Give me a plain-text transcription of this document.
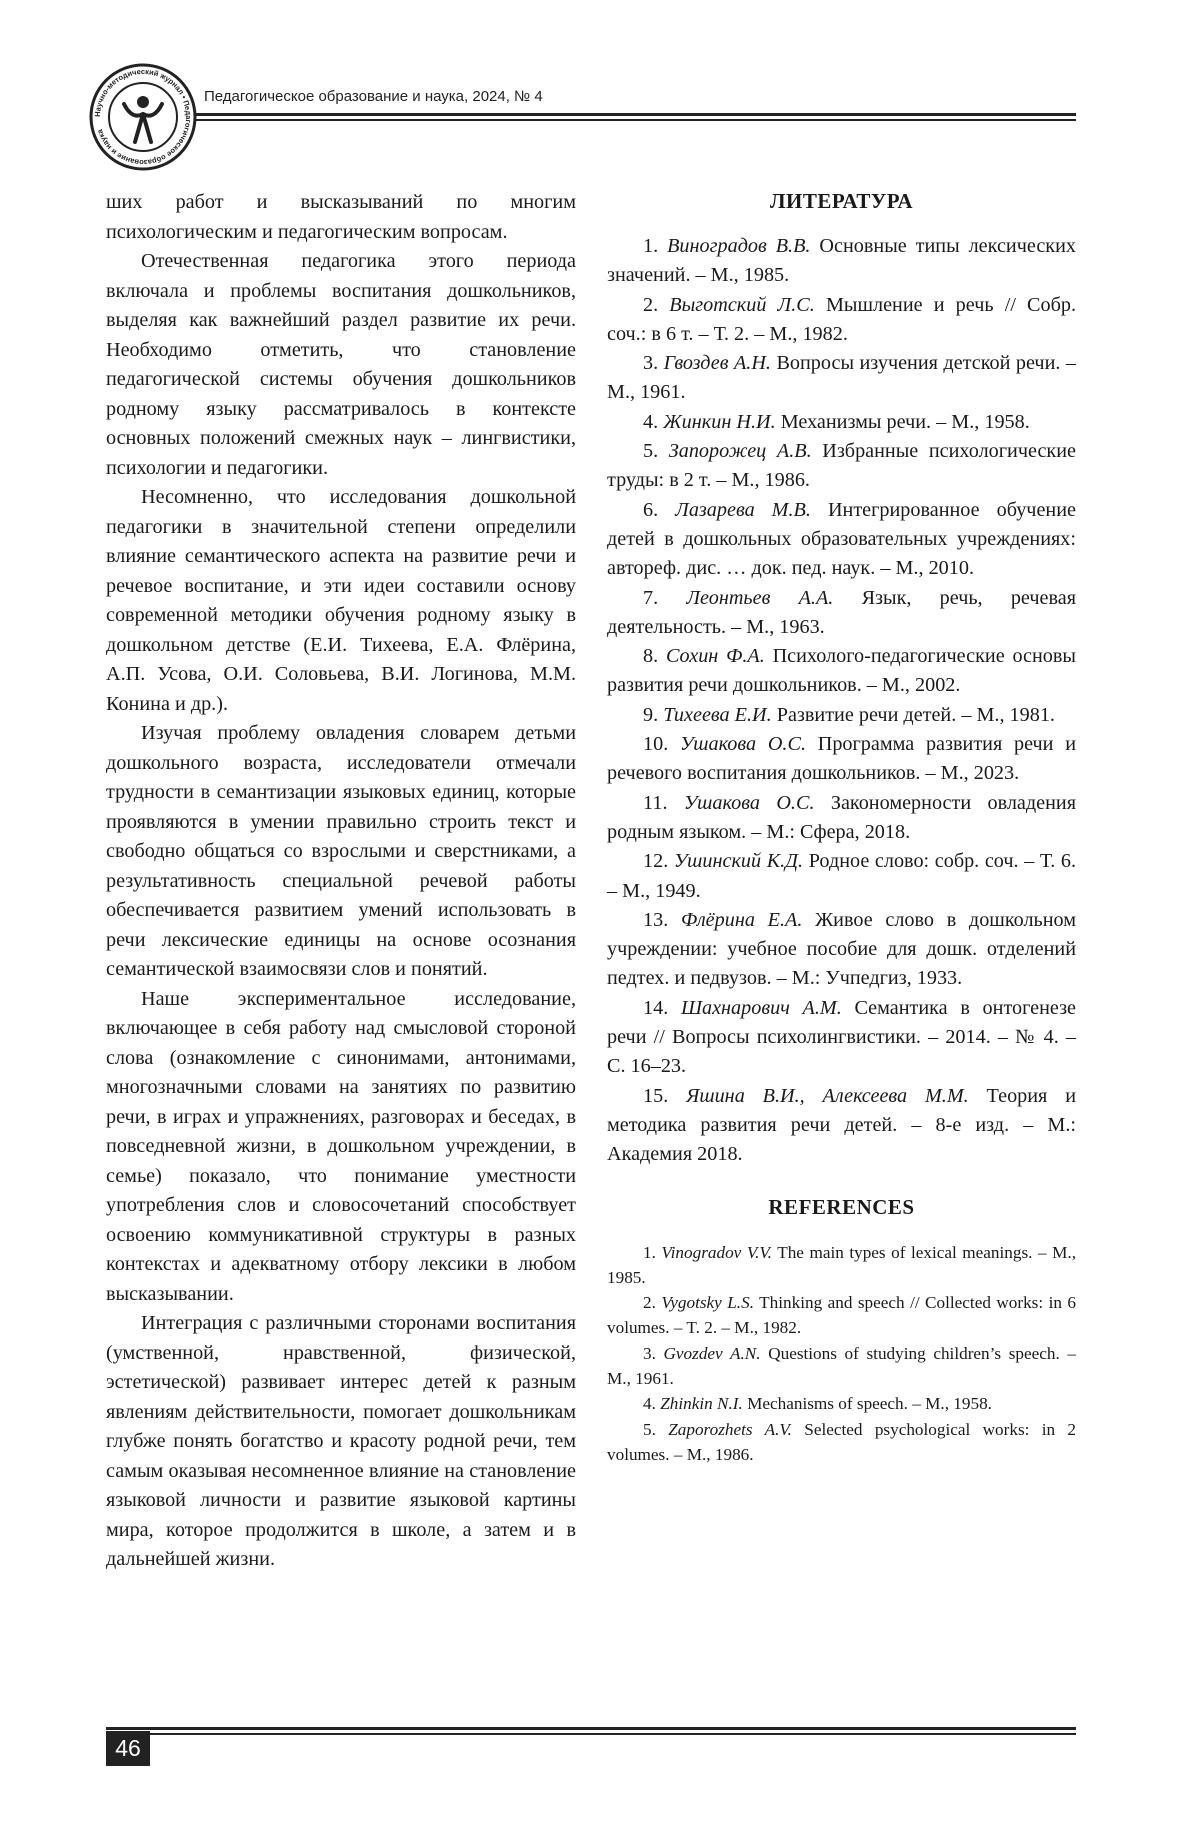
Научно-методический журнал • Педагогическое образование и наука
Педагогическое образование и наука, 2024, № 4

ших работ и высказываний по многим психологическим и педагогическим вопросам.

Отечественная педагогика этого периода включала и проблемы воспитания дошкольников, выделяя как важнейший раздел развитие их речи. Необходимо отметить, что становление педагогической системы обучения дошкольников родному языку рассматривалось в контексте основных положений смежных наук – лингвистики, психологии и педагогики.

Несомненно, что исследования дошкольной педагогики в значительной степени определили влияние семантического аспекта на развитие речи и речевое воспитание, и эти идеи составили основу современной методики обучения родному языку в дошкольном детстве (Е.И. Тихеева, Е.А. Флёрина, А.П. Усова, О.И. Соловьева, В.И. Логинова, М.М. Конина и др.).

Изучая проблему овладения словарем детьми дошкольного возраста, исследователи отмечали трудности в семантизации языковых единиц, которые проявляются в умении правильно строить текст и свободно общаться со взрослыми и сверстниками, а результативность специальной речевой работы обеспечивается развитием умений использовать в речи лексические единицы на основе осознания семантической взаимосвязи слов и понятий.

Наше экспериментальное исследование, включающее в себя работу над смысловой стороной слова (ознакомление с синонимами, антонимами, многозначными словами на занятиях по развитию речи, в играх и упражнениях, разговорах и беседах, в повседневной жизни, в дошкольном учреждении, в семье) показало, что понимание уместности употребления слов и словосочетаний способствует освоению коммуникативной структуры в разных контекстах и адекватному отбору лексики в любом высказывании.

Интеграция с различными сторонами воспитания (умственной, нравственной, физической, эстетической) развивает интерес детей к разным явлениям действительности, помогает дошкольникам глубже понять богатство и красоту родной речи, тем самым оказывая несомненное влияние на становление языковой личности и развитие языковой картины мира, которое продолжится в школе, а затем и в дальнейшей жизни.

ЛИТЕРАТУРА

1. Виноградов В.В. Основные типы лексических значений. – М., 1985.

2. Выготский Л.С. Мышление и речь // Собр. соч.: в 6 т. – Т. 2. – М., 1982.

3. Гвоздев А.Н. Вопросы изучения детской речи. – М., 1961.

4. Жинкин Н.И. Механизмы речи. – М., 1958.

5. Запорожец А.В. Избранные психологические труды: в 2 т. – М., 1986.

6. Лазарева М.В. Интегрированное обучение детей в дошкольных образовательных учреждениях: автореф. дис. … док. пед. наук. – М., 2010.

7. Леонтьев А.А. Язык, речь, речевая деятельность. – М., 1963.

8. Сохин Ф.А. Психолого-педагогические основы развития речи дошкольников. – М., 2002.

9. Тихеева Е.И. Развитие речи детей. – М., 1981.

10. Ушакова О.С. Программа развития речи и речевого воспитания дошкольников. – М., 2023.

11. Ушакова О.С. Закономерности овладения родным языком. – М.: Сфера, 2018.

12. Ушинский К.Д. Родное слово: собр. соч. – Т. 6. – М., 1949.

13. Флёрина Е.А. Живое слово в дошкольном учреждении: учебное пособие для дошк. отделений педтех. и педвузов. – М.: Учпедгиз, 1933.

14. Шахнарович А.М. Семантика в онтогенезе речи // Вопросы психолингвистики. – 2014. – № 4. – С. 16–23.

15. Яшина В.И., Алексеева М.М. Теория и методика развития речи детей. – 8-е изд. – М.: Академия 2018.

REFERENCES

1. Vinogradov V.V. The main types of lexical meanings. – M., 1985.

2. Vygotsky L.S. Thinking and speech // Collected works: in 6 volumes. – T. 2. – M., 1982.

3. Gvozdev A.N. Questions of studying children’s speech. – M., 1961.

4. Zhinkin N.I. Mechanisms of speech. – M., 1958.

5. Zaporozhets A.V. Selected psychological works: in 2 volumes. – M., 1986.

46
